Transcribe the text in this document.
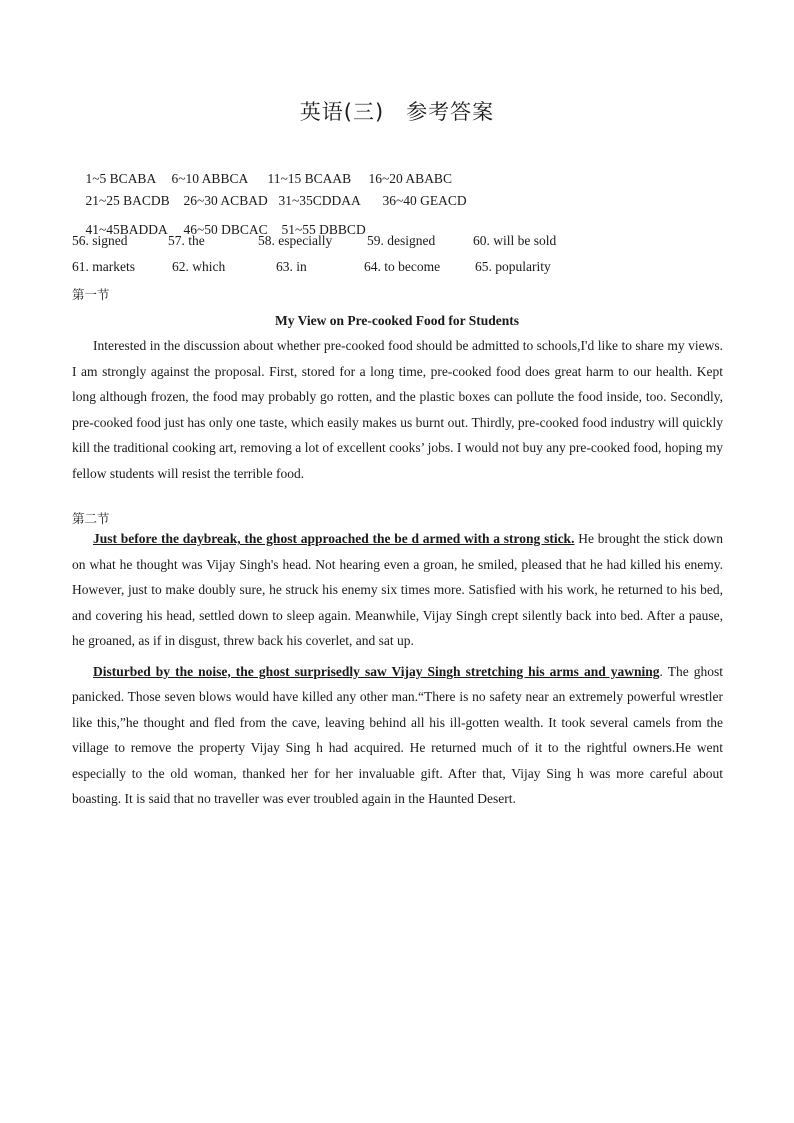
英语(三) 参考答案

1~5 BCABA 6~10 ABBCA 11~15 BCAAB 16~20 ABABC

21~25 BACDB 26~30 ACBAD 31~35CDDAA 36~40 GEACD

41~45BADDA 46~50 DBCAC 51~55 DBBCD

56. signed	57. the	58. especially	59. designed	60. will be sold
61. markets	62. which	63. in	64. to become	65. popularity
第一节
My View on Pre-cooked Food for Students

Interested in the discussion about whether pre-cooked food should be admitted to schools,I'd like to share my views. I am strongly against the proposal. First, stored for a long time, pre-cooked food does great harm to our health. Kept long although frozen, the food may probably go rotten, and the plastic boxes can pollute the food inside, too. Secondly, pre-cooked food just has only one taste, which easily makes us burnt out. Thirdly, pre-cooked food industry will quickly kill the traditional cooking art, removing a lot of excellent cooks’ jobs. I would not buy any pre-cooked food, hoping my fellow students will resist the terrible food.

第二节

Just before the daybreak, the ghost approached the be d armed with a strong stick. He brought the stick down on what he thought was Vijay Singh's head. Not hearing even a groan, he smiled, pleased that he had killed his enemy. However, just to make doubly sure, he struck his enemy six times more. Satisfied with his work, he returned to his bed, and covering his head, settled down to sleep again. Meanwhile, Vijay Singh crept silently back into bed. After a pause, he groaned, as if in disgust, threw back his coverlet, and sat up.

Disturbed by the noise, the ghost surprisedly saw Vijay Singh stretching his arms and yawning. The ghost panicked. Those seven blows would have killed any other man.“There is no safety near an extremely powerful wrestler like this,”he thought and fled from the cave, leaving behind all his ill-gotten wealth. It took several camels from the village to remove the property Vijay Sing h had acquired. He returned much of it to the rightful owners.He went especially to the old woman, thanked her for her invaluable gift. After that, Vijay Sing h was more careful about boasting. It is said that no traveller was ever troubled again in the Haunted Desert.
